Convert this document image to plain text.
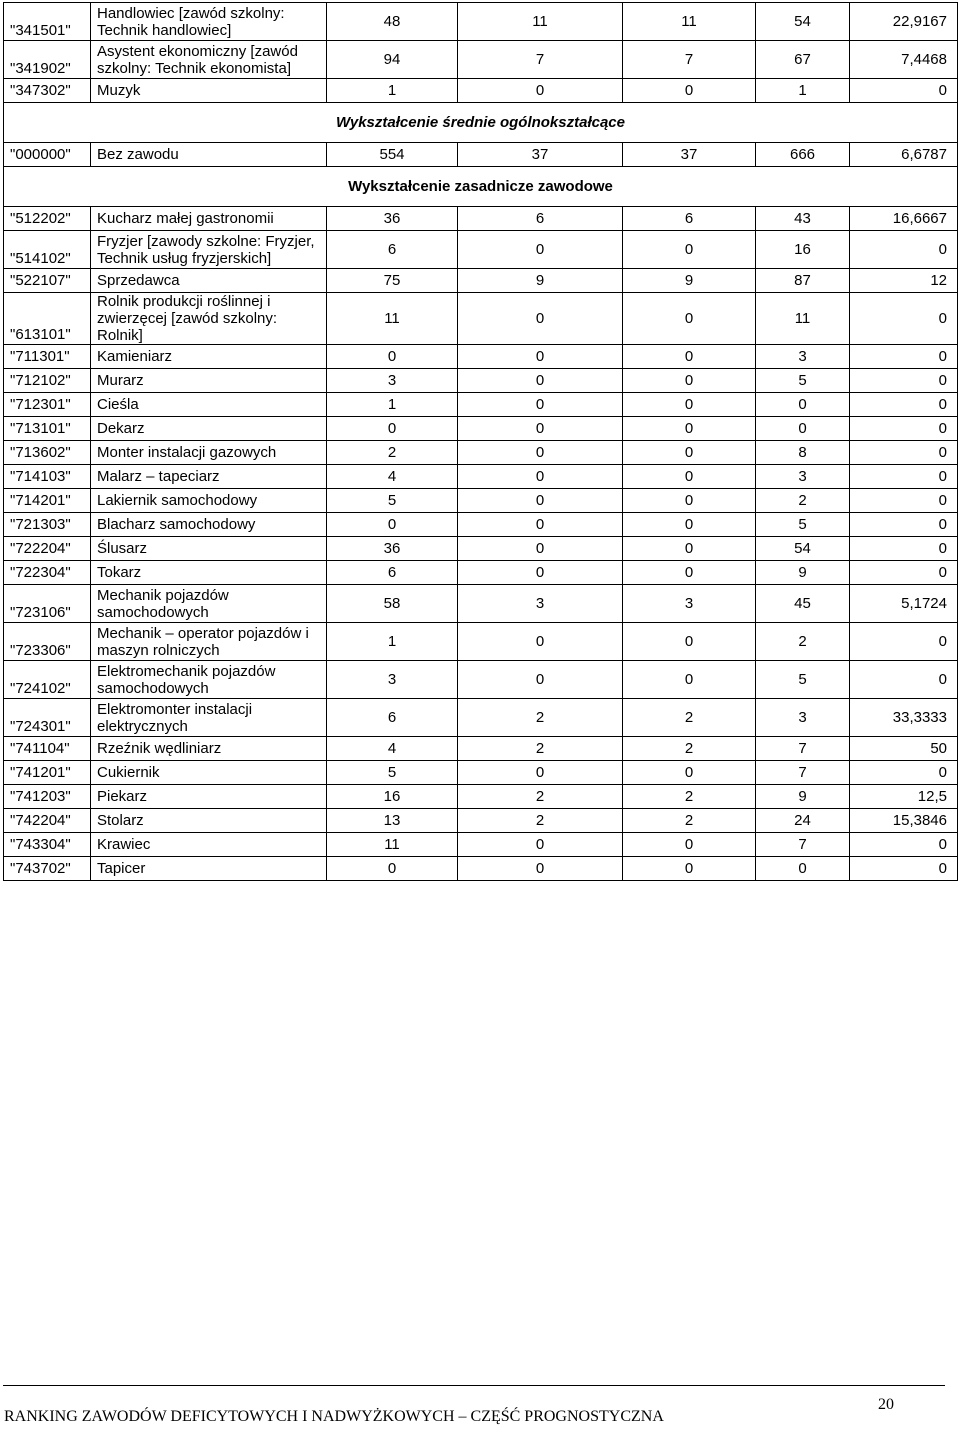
"341501"	Handlowiec [zawód szkolny: Technik handlowiec]	48	11	11	54	22,9167
"341902"	Asystent ekonomiczny [zawód szkolny: Technik ekonomista]	94	7	7	67	7,4468
"347302"	Muzyk	1	0	0	1	0
Wykształcenie średnie ogólnokształcące						
"000000"	Bez zawodu	554	37	37	666	6,6787
Wykształcenie zasadnicze zawodowe						
"512202"	Kucharz małej gastronomii	36	6	6	43	16,6667
"514102"	Fryzjer [zawody szkolne: Fryzjer, Technik usług fryzjerskich]	6	0	0	16	0
"522107"	Sprzedawca	75	9	9	87	12
"613101"	Rolnik produkcji roślinnej i zwierzęcej [zawód szkolny: Rolnik]	11	0	0	11	0
"711301"	Kamieniarz	0	0	0	3	0
"712102"	Murarz	3	0	0	5	0
"712301"	Cieśla	1	0	0	0	0
"713101"	Dekarz	0	0	0	0	0
"713602"	Monter instalacji gazowych	2	0	0	8	0
"714103"	Malarz – tapeciarz	4	0	0	3	0
"714201"	Lakiernik samochodowy	5	0	0	2	0
"721303"	Blacharz samochodowy	0	0	0	5	0
"722204"	Ślusarz	36	0	0	54	0
"722304"	Tokarz	6	0	0	9	0
"723106"	Mechanik pojazdów samochodowych	58	3	3	45	5,1724
"723306"	Mechanik – operator pojazdów i maszyn rolniczych	1	0	0	2	0
"724102"	Elektromechanik pojazdów samochodowych	3	0	0	5	0
"724301"	Elektromonter instalacji elektrycznych	6	2	2	3	33,3333
"741104"	Rzeźnik wędliniarz	4	2	2	7	50
"741201"	Cukiernik	5	0	0	7	0
"741203"	Piekarz	16	2	2	9	12,5
"742204"	Stolarz	13	2	2	24	15,3846
"743304"	Krawiec	11	0	0	7	0
"743702"	Tapicer	0	0	0	0	0
RANKING ZAWODÓW DEFICYTOWYCH I NADWYŻKOWYCH – CZĘŚĆ PROGNOSTYCZNA
20
